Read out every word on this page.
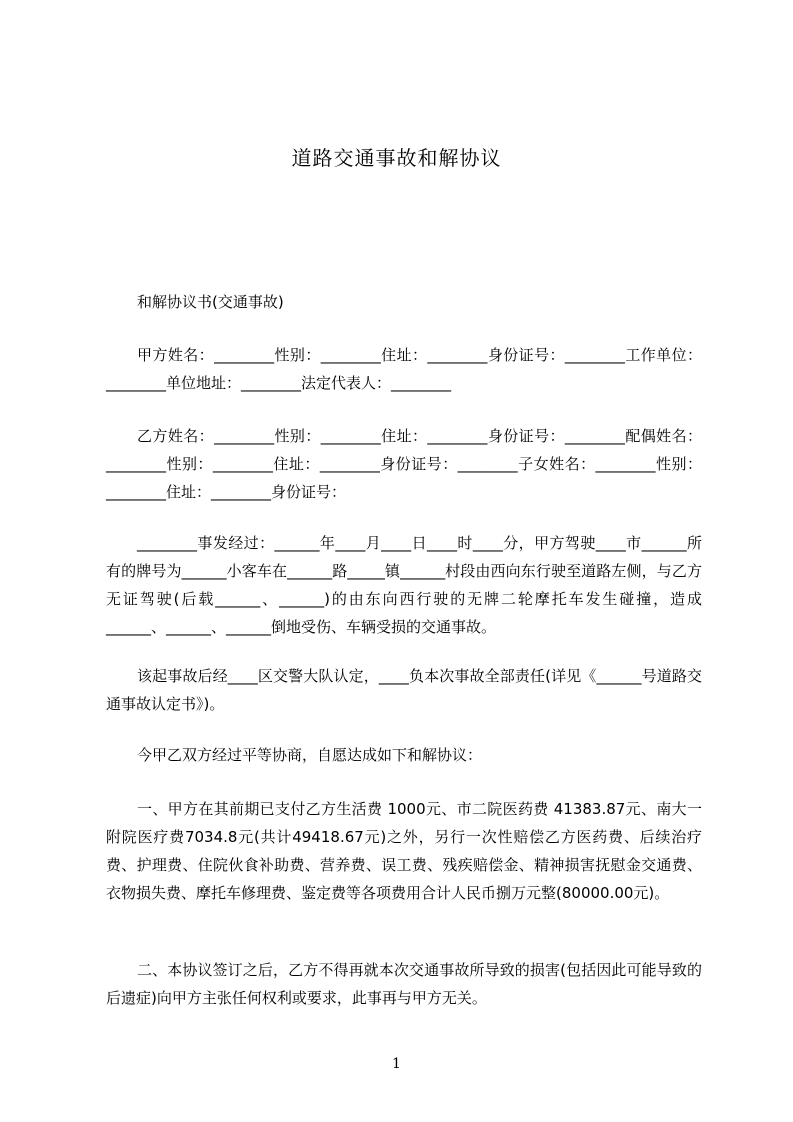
道路交通事故和解协议
和解协议书(交通事故)
甲方姓名：________性别：________住址：________身份证号：________工作单位：________单位地址：________法定代表人：________
乙方姓名：________性别：________住址：________身份证号：________配偶姓名：________性别：________住址：________身份证号：________子女姓名：________性别：________住址：________身份证号：
________事发经过：______年____月____日____时____分，甲方驾驶____市______所有的牌号为______小客车在______路_____镇______村段由西向东行驶至道路左侧，与乙方无证驾驶(后载______、______)的由东向西行驶的无牌二轮摩托车发生碰撞，造成______、______、______倒地受伤、车辆受损的交通事故。
该起事故后经____区交警大队认定，____负本次事故全部责任(详见《______号道路交通事故认定书》)。
今甲乙双方经过平等协商，自愿达成如下和解协议：
一、甲方在其前期已支付乙方生活费 1000元、市二院医药费 41383.87元、南大一附院医疗费7034.8元(共计49418.67元)之外，另行一次性赔偿乙方医药费、后续治疗费、护理费、住院伙食补助费、营养费、误工费、残疾赔偿金、精神损害抚慰金交通费、衣物损失费、摩托车修理费、鉴定费等各项费用合计人民币捌万元整(80000.00元)。
二、本协议签订之后，乙方不得再就本次交通事故所导致的损害(包括因此可能导致的后遗症)向甲方主张任何权利或要求，此事再与甲方无关。
1
